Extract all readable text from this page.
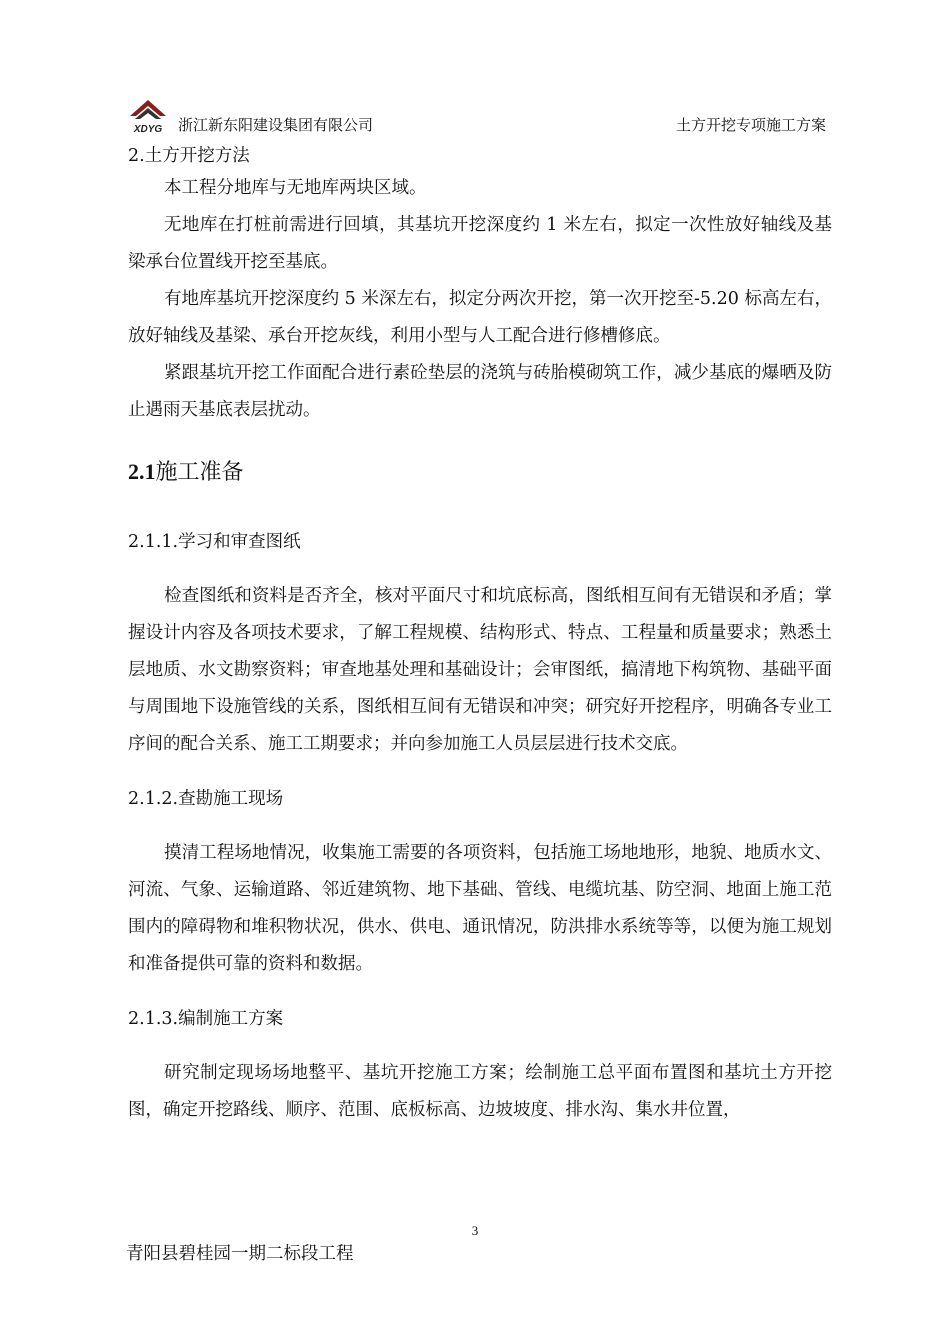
XDYG 浙江新东阳建设集团有限公司	土方开挖专项施工方案

2.土方开挖方法

本工程分地库与无地库两块区域。

无地库在打桩前需进行回填，其基坑开挖深度约 1 米左右，拟定一次性放好轴线及基梁承台位置线开挖至基底。

有地库基坑开挖深度约 5 米深左右，拟定分两次开挖，第一次开挖至-5.20 标高左右，放好轴线及基梁、承台开挖灰线，利用小型与人工配合进行修槽修底。

紧跟基坑开挖工作面配合进行素砼垫层的浇筑与砖胎模砌筑工作，减少基底的爆晒及防止遇雨天基底表层扰动。

2.1施工准备

2.1.1.学习和审查图纸

检查图纸和资料是否齐全，核对平面尺寸和坑底标高，图纸相互间有无错误和矛盾；掌握设计内容及各项技术要求，了解工程规模、结构形式、特点、工程量和质量要求；熟悉土层地质、水文勘察资料；审查地基处理和基础设计；会审图纸，搞清地下构筑物、基础平面与周围地下设施管线的关系，图纸相互间有无错误和冲突；研究好开挖程序，明确各专业工序间的配合关系、施工工期要求；并向参加施工人员层层进行技术交底。

2.1.2.查勘施工现场

摸清工程场地情况，收集施工需要的各项资料，包括施工场地地形，地貌、地质水文、河流、气象、运输道路、邻近建筑物、地下基础、管线、电缆坑基、防空洞、地面上施工范围内的障碍物和堆积物状况，供水、供电、通讯情况，防洪排水系统等等，以便为施工规划和准备提供可靠的资料和数据。

2.1.3.编制施工方案

研究制定现场场地整平、基坑开挖施工方案；绘制施工总平面布置图和基坑土方开挖图，确定开挖路线、顺序、范围、底板标高、边坡坡度、排水沟、集水井位置，

3
青阳县碧桂园一期二标段工程
